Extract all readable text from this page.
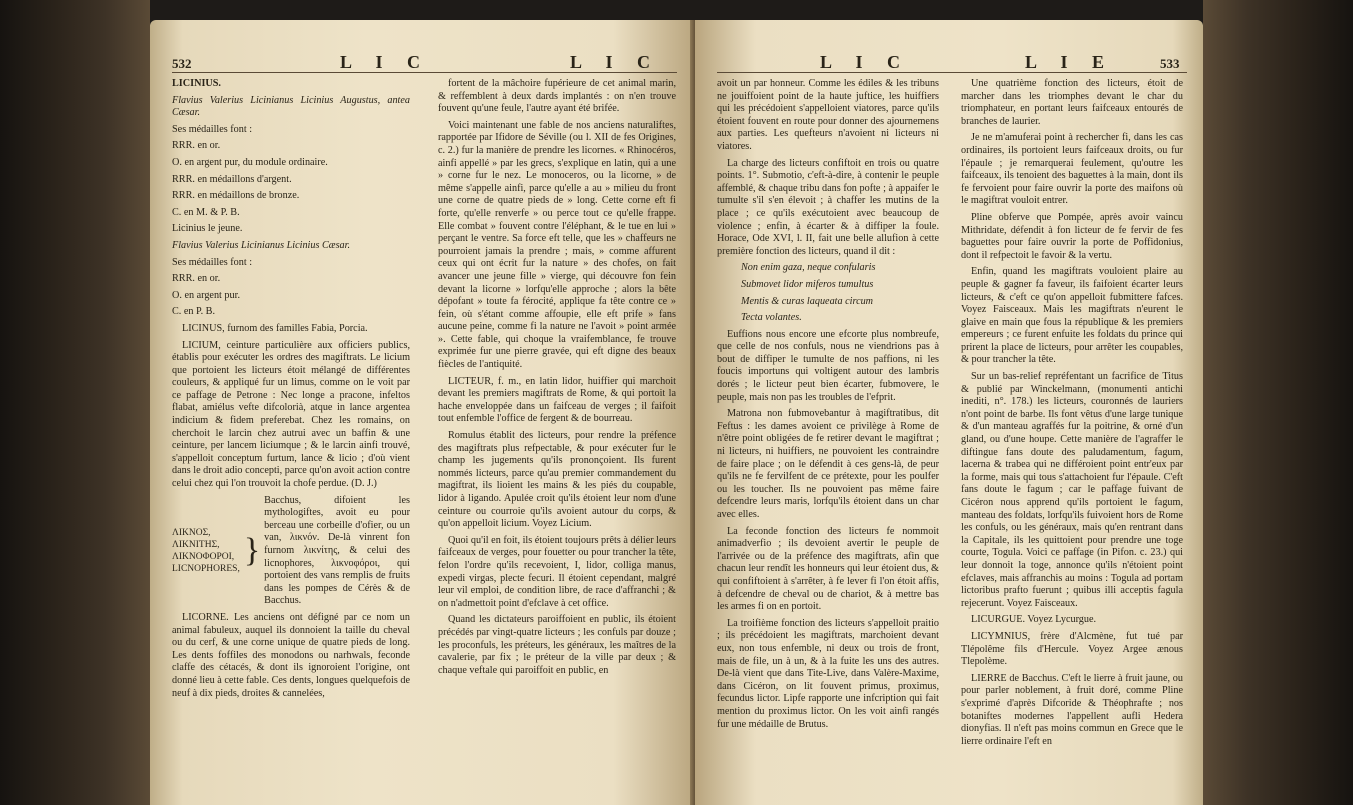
532	L I C	L I C

LICINIUS.

Flavius Valerius Licinianus Licinius Augustus, antea Cæsar.

Ses médailles font :

RRR. en or.

O. en argent pur, du module ordinaire.

RRR. en médaillons d'argent.

RRR. en médaillons de bronze.

C. en M. & P. B.

Licinius le jeune.

Flavius Valerius Licinianus Licinius Cæsar.

Ses médailles font :

RRR. en or.

O. en argent pur.

C. en P. B.

LICINUS, furnom des familles Fabia, Porcia.

LICIUM, ceinture particulière aux officiers publics, établis pour exécuter les ordres des magiftrats. Le licium que portoient les licteurs étoit mélangé de différentes couleurs, & appliqué fur un limus, comme on le voit par ce paffage de Petrone : Nec longe a pracone, infeltos flabat, amiélus vefte difcolorià, atque in lance argentea indicium & fidem preferebat. Chez les romains, on cherchoit le larcin chez autrui avec un baffin & une ceinture, per lancem liciumque ; & le larcin ainfi trouvé, s'appelloit conceptum furtum, lance & licio ; d'où vient dans le droit adio concepti, parce qu'on avoit action contre celui chez qui l'on trouvoit la chofe perdue. (D. J.)

ΛΙΚΝΟΣ,
ΛΙΚΝΙΤΗΣ,
ΛΙΚΝΟΦΟΡΟΙ,
LICNOPHORES, }
Bacchus, difoient les mythologiftes, avoit eu pour berceau une corbeille d'ofier, ou un van, λικνόν. De-là vinrent fon furnom λικνίτης, & celui des licnophores, λικνοφόροι, qui portoient des vans remplis de fruits dans les pompes de Cérès & de Bacchus.

LICORNE. Les anciens ont défigné par ce nom un animal fabuleux, auquel ils donnoient la taille du cheval ou du cerf, & une corne unique de quatre pieds de long. Les dents foffiles des monodons ou narhwals, feconde claffe des cétacés, & dont ils ignoroient l'origine, ont donné lieu à cette fable. Ces dents, longues quelquefois de neuf à dix pieds, droites & cannelées,

fortent de la mâchoire fupérieure de cet animal marin, & reffemblent à deux dards implantés : on n'en trouve fouvent qu'une feule, l'autre ayant été brifée.

Voici maintenant une fable de nos anciens naturaliftes, rapportée par Ifidore de Séville (ou l. XII de fes Origines, c. 2.) fur la manière de prendre les licornes. « Rhinocéros, ainfi appellé » par les grecs, s'explique en latin, qui a une » corne fur le nez. Le monoceros, ou la licorne, » de même s'appelle ainfi, parce qu'elle a au » milieu du front une corne de quatre pieds de » long. Cette corne eft fi forte, qu'elle renverfe » ou perce tout ce qu'elle frappe. Elle combat » fouvent contre l'éléphant, & le tue en lui » perçant le ventre. Sa force eft telle, que les » chaffeurs ne pourroient jamais la prendre ; mais, » comme affurent ceux qui ont écrit fur la nature » des chofes, on fait avancer une jeune fille » vierge, qui découvre fon fein devant la licorne » lorfqu'elle approche ; alors la bête dépofant » toute fa férocité, applique fa tête contre ce » fein, où s'étant comme affoupie, elle eft prife » fans aucune peine, comme fi la nature ne l'avoit » point armée ». Cette fable, qui choque la vraifemblance, fe trouve exprimée fur une pierre gravée, qui eft digne des beaux fiècles de l'antiquité.

LICTEUR, f. m., en latin lidor, huiffier qui marchoit devant les premiers magiftrats de Rome, & qui portoit la hache enveloppée dans un faifceau de verges ; il faifoit tout enfemble l'office de fergent & de bourreau.

Romulus établit des licteurs, pour rendre la préfence des magiftrats plus refpectable, & pour exécuter fur le champ les jugements qu'ils prononçoient. Ils furent nommés licteurs, parce qu'au premier commandement du magiftrat, ils lioient les mains & les piés du coupable, lidor à ligando. Apulée croit qu'ils étoient leur nom d'une ceinture ou courroie qu'ils avoient autour du corps, & qu'on appelloit licium. Voyez Licium.

Quoi qu'il en foit, ils étoient toujours prêts à délier leurs faifceaux de verges, pour fouetter ou pour trancher la tête, felon l'ordre qu'ils recevoient, I, lidor, colliga manus, expedi virgas, plecte fecuri. Il étoient cependant, malgré leur vil emploi, de condition libre, de race d'affranchi ; & on n'admettoit point d'efclave à cet office.

Quand les dictateurs paroiffoient en public, ils étoient précédés par vingt-quatre licteurs ; les confuls par douze ; les proconfuls, les préteurs, les généraux, les maîtres de la cavalerie, par fix ; le préteur de la ville par deux ; & chaque veftale qui paroiffoit en public, en

L I C	L I E	533

avoit un par honneur. Comme les édiles & les tribuns ne jouiffoient point de la haute juftice, les huiffiers qui les précédoient s'appelloient viatores, parce qu'ils étoient fouvent en route pour donner des ajournemens aux parties. Les quefteurs n'avoient ni licteurs ni viatores.

La charge des licteurs confiftoit en trois ou quatre points. 1°. Submotio, c'eft-à-dire, à contenir le peuple affemblé, & chaque tribu dans fon pofte ; à appaifer le tumulte s'il s'en élevoit ; à chaffer les mutins de la place ; ce qu'ils exécutoient avec beaucoup de violence ; enfin, à écarter & à diffiper la foule. Horace, Ode XVI, l. II, fait une belle allufion à cette première fonction des licteurs, quand il dit :

Non enim gaza, neque confularis

Submovet lidor miferos tumultus

Mentis & curas laqueata circum

Tecta volantes.

Euffions nous encore une efcorte plus nombreufe, que celle de nos confuls, nous ne viendrions pas à bout de diffiper le tumulte de nos paffions, ni les foucis importuns qui voltigent autour des lambris dorés ; le licteur peut bien écarter, fubmovere, le peuple, mais non pas les troubles de l'efprit.

Matrona non fubmovebantur à magiftratibus, dit Feftus : les dames avoient ce privilège à Rome de n'être point obligées de fe retirer devant le magiftrat ; ni licteurs, ni huiffiers, ne pouvoient les contraindre de faire place ; on le défendit à ces gens-là, de peur qu'ils ne fe fervilfent de ce prétexte, pour les poulfer ou les toucher. Ils ne pouvoient pas même faire defcendre leurs maris, lorfqu'ils étoient dans un char avec elles.

La feconde fonction des licteurs fe nommoit animadverfio ; ils devoient avertir le peuple de l'arrivée ou de la préfence des magiftrats, afin que chacun leur rendît les honneurs qui leur étoient dus, & qui confiftoient à s'arrêter, à fe lever fi l'on étoit affis, à defcendre de cheval ou de chariot, & à mettre bas les armes fi on en portoit.

La troifième fonction des licteurs s'appelloit praitio ; ils précédoient les magiftrats, marchoient devant eux, non tous enfemble, ni deux ou trois de front, mais de file, un à un, & à la fuite les uns des autres. De-là vient que dans Tite-Live, dans Valère-Maxime, dans Cicéron, on lit fouvent primus, proximus, fecundus lictor. Lipfe rapporte une infcription qui fait mention du proximus lictor. On les voit ainfi rangés fur une médaille de Brutus.

Une quatrième fonction des licteurs, étoit de marcher dans les triomphes devant le char du triomphateur, en portant leurs faifceaux entourés de branches de laurier.

Je ne m'amuferai point à rechercher fi, dans les cas ordinaires, ils portoient leurs faifceaux droits, ou fur l'épaule ; je remarquerai feulement, qu'outre les faifceaux, ils tenoient des baguettes à la main, dont ils fe fervoient pour faire ouvrir la porte des maifons où le magiftrat vouloit entrer.

Pline obferve que Pompée, après avoir vaincu Mithridate, défendit à fon licteur de fe fervir de fes baguettes pour faire ouvrir la porte de Poffidonius, dont il refpectoit le favoir & la vertu.

Enfin, quand les magiftrats vouloient plaire au peuple & gagner fa faveur, ils faifoient écarter leurs licteurs, & c'eft ce qu'on appelloit fubmittere fafces. Voyez Faisceaux. Mais les magiftrats n'eurent le glaive en main que fous la république & les premiers empereurs ; ce furent enfuite les foldats du prince qui prirent la place de licteurs, pour arrêter les coupables, & pour trancher la tête.

Sur un bas-relief repréfentant un facrifice de Titus & publié par Winckelmann, (monumenti antichi inediti, n°. 178.) les licteurs, couronnés de lauriers n'ont point de barbe. Ils font vêtus d'une large tunique & d'un manteau agraffés fur la poitrine, & orné d'un gland, ou d'une houpe. Cette manière de l'agraffer le diftingue fans doute des paludamentum, fagum, lacerna & trabea qui ne différoient point entr'eux par la forme, mais qui tous s'attachoient fur l'épaule. C'eft fans doute le fagum ; car le paffage fuivant de Cicéron nous apprend qu'ils portoient le fagum, manteau des foldats, lorfqu'ils fuivoient hors de Rome les confuls, ou les généraux, mais qu'en rentrant dans la Capitale, ils les quittoient pour prendre une toge courte, Togula. Voici ce paffage (in Pifon. c. 23.) qui leur donnoit la toge, annonce qu'ils n'étoient point efclaves, mais affranchis au moins : Togula ad portam lictoribus prafto fuerunt ; quibus illi acceptis fagula rejecerunt. Voyez Faisceaux.

LICURGUE. Voyez Lycurgue.

LICYMNIUS, frère d'Alcmène, fut tué par Tlépolême fils d'Hercule. Voyez Argee ænous Tlepolème.

LIERRE de Bacchus. C'eft le lierre à fruit jaune, ou pour parler noblement, à fruit doré, comme Pline s'exprimé d'après Difcoride & Théophrafte ; nos botaniftes modernes l'appellent aufli Hedera dionyfias. Il n'eft pas moins commun en Grece que le lierre ordinaire l'eft en
